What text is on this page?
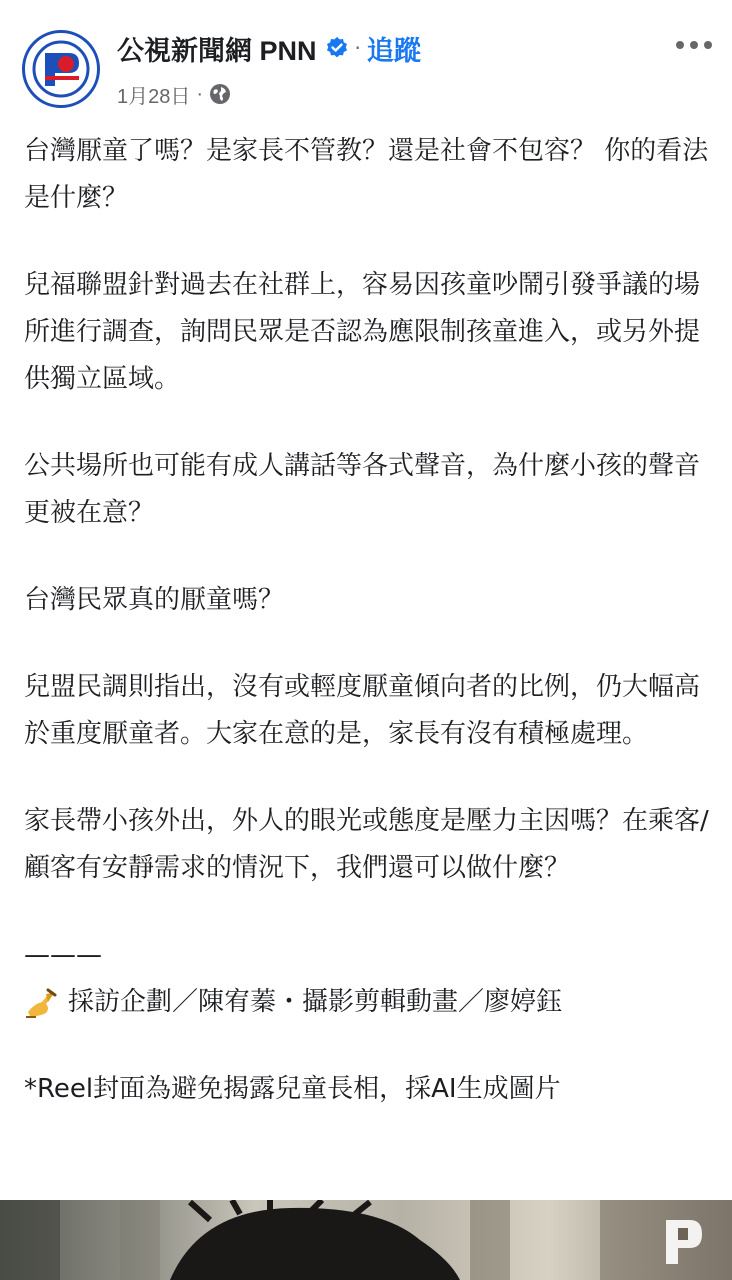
公視新聞網 PNN · 追蹤
1月28日 ·

台灣厭童了嗎？是家長不管教？還是社會不包容？ 你的看法是什麼？

兒福聯盟針對過去在社群上，容易因孩童吵鬧引發爭議的場所進行調查，詢問民眾是否認為應限制孩童進入，或另外提供獨立區域。

公共場所也可能有成人講話等各式聲音，為什麼小孩的聲音更被在意？

台灣民眾真的厭童嗎？

兒盟民調則指出，沒有或輕度厭童傾向者的比例，仍大幅高於重度厭童者。大家在意的是，家長有沒有積極處理。

家長帶小孩外出，外人的眼光或態度是壓力主因嗎？在乘客/顧客有安靜需求的情況下，我們還可以做什麼？

———
採訪企劃／陳宥蓁・攝影剪輯動畫／廖婷鈺

*Reel封面為避免揭露兒童長相，採AI生成圖片
